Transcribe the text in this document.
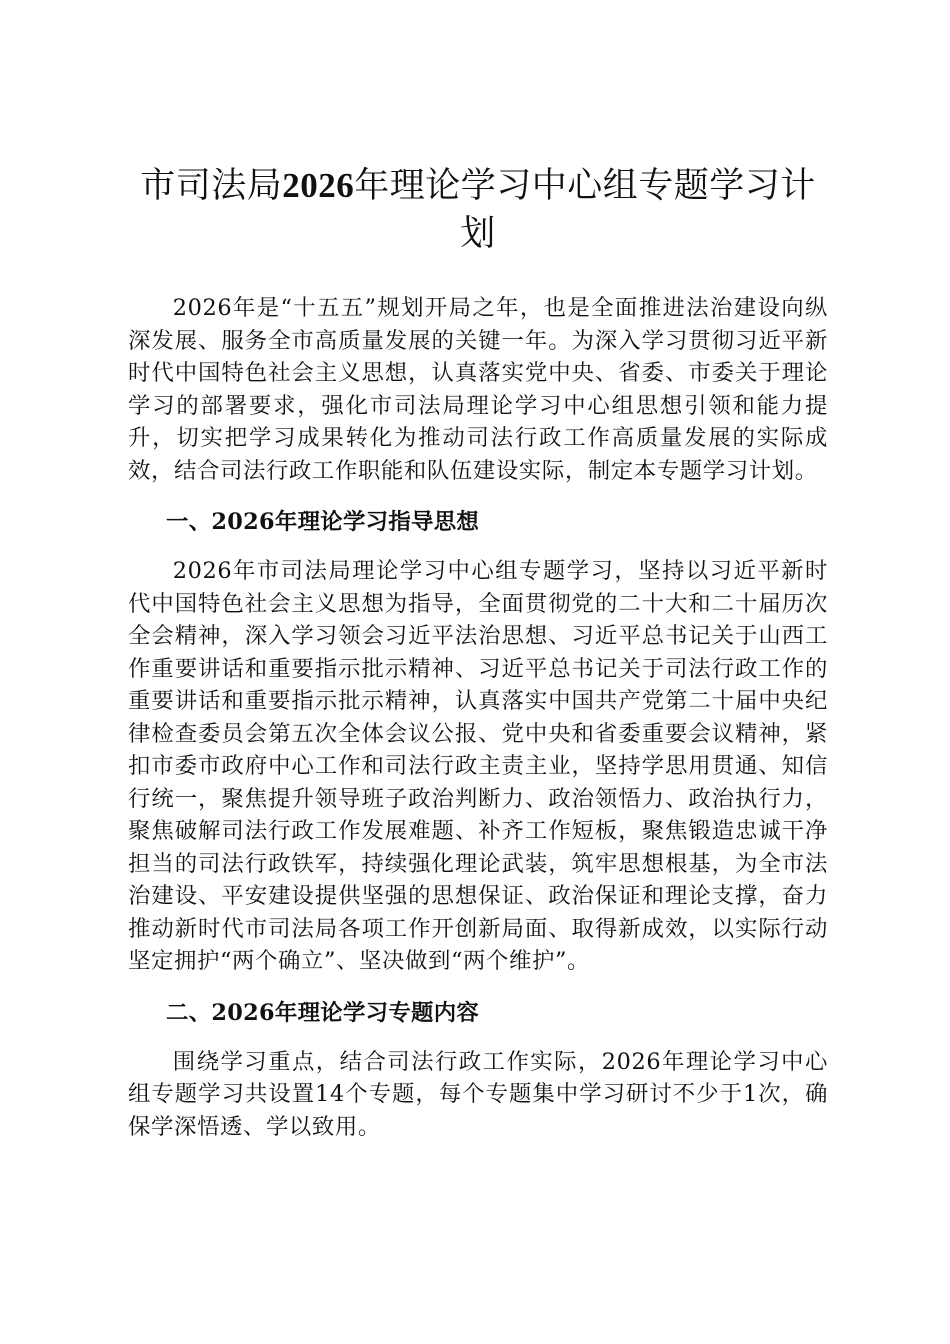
市司法局2026年理论学习中心组专题学习计划

2026年是“十五五”规划开局之年，也是全面推进法治建设向纵深发展、服务全市高质量发展的关键一年。为深入学习贯彻习近平新时代中国特色社会主义思想，认真落实党中央、省委、市委关于理论学习的部署要求，强化市司法局理论学习中心组思想引领和能力提升，切实把学习成果转化为推动司法行政工作高质量发展的实际成效，结合司法行政工作职能和队伍建设实际，制定本专题学习计划。

一、2026年理论学习指导思想

2026年市司法局理论学习中心组专题学习，坚持以习近平新时代中国特色社会主义思想为指导，全面贯彻党的二十大和二十届历次全会精神，深入学习领会习近平法治思想、习近平总书记关于山西工作重要讲话和重要指示批示精神、习近平总书记关于司法行政工作的重要讲话和重要指示批示精神，认真落实中国共产党第二十届中央纪律检查委员会第五次全体会议公报、党中央和省委重要会议精神，紧扣市委市政府中心工作和司法行政主责主业，坚持学思用贯通、知信行统一，聚焦提升领导班子政治判断力、政治领悟力、政治执行力，聚焦破解司法行政工作发展难题、补齐工作短板，聚焦锻造忠诚干净担当的司法行政铁军，持续强化理论武装，筑牢思想根基，为全市法治建设、平安建设提供坚强的思想保证、政治保证和理论支撑，奋力推动新时代市司法局各项工作开创新局面、取得新成效，以实际行动坚定拥护“两个确立”、坚决做到“两个维护”。

二、2026年理论学习专题内容

围绕学习重点，结合司法行政工作实际，2026年理论学习中心组专题学习共设置14个专题，每个专题集中学习研讨不少于1次，确保学深悟透、学以致用。
